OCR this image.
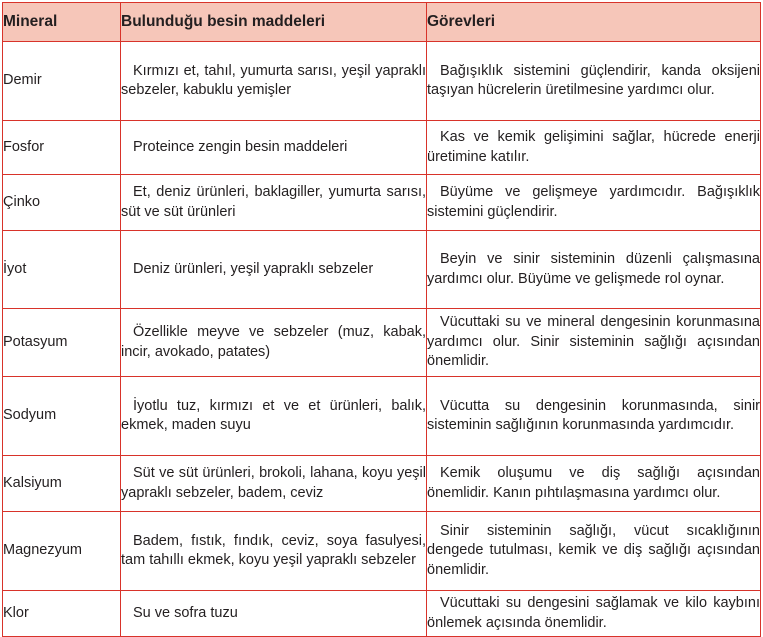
Mineral	Bulunduğu besin maddeleri	Görevleri
Demir	Kırmızı et, tahıl, yumurta sarısı, yeşil yapraklı sebzeler, kabuklu yemişler	Bağışıklık sistemini güçlendirir, kanda oksijeni taşıyan hücrelerin üretilmesine yardımcı olur.
Fosfor	Proteince zengin besin maddeleri	Kas ve kemik gelişimini sağlar, hücrede enerji üretimine katılır.
Çinko	Et, deniz ürünleri, baklagiller, yumurta sarısı, süt ve süt ürünleri	Büyüme ve gelişmeye yardımcıdır. Bağışıklık sistemini güçlendirir.
İyot	Deniz ürünleri, yeşil yapraklı sebzeler	Beyin ve sinir sisteminin düzenli çalışmasına yardımcı olur. Büyüme ve gelişmede rol oynar.
Potasyum	Özellikle meyve ve sebzeler (muz, kabak, incir, avokado, patates)	Vücuttaki su ve mineral dengesinin korunmasına yardımcı olur. Sinir sisteminin sağlığı açısından önemlidir.
Sodyum	İyotlu tuz, kırmızı et ve et ürünleri, balık, ekmek, maden suyu	Vücutta su dengesinin korunmasında, sinir sisteminin sağlığının korunmasında yardımcıdır.
Kalsiyum	Süt ve süt ürünleri, brokoli, lahana, koyu yeşil yapraklı sebzeler, badem, ceviz	Kemik oluşumu ve diş sağlığı açısından önemlidir. Kanın pıhtılaşmasına yardımcı olur.
Magnezyum	Badem, fıstık, fındık, ceviz, soya fasulyesi, tam tahıllı ekmek, koyu yeşil yapraklı sebzeler	Sinir sisteminin sağlığı, vücut sıcaklığının dengede tutulması, kemik ve diş sağlığı açısından önemlidir.
Klor	Su ve sofra tuzu	Vücuttaki su dengesini sağlamak ve kilo kaybını önlemek açısında önemlidir.
